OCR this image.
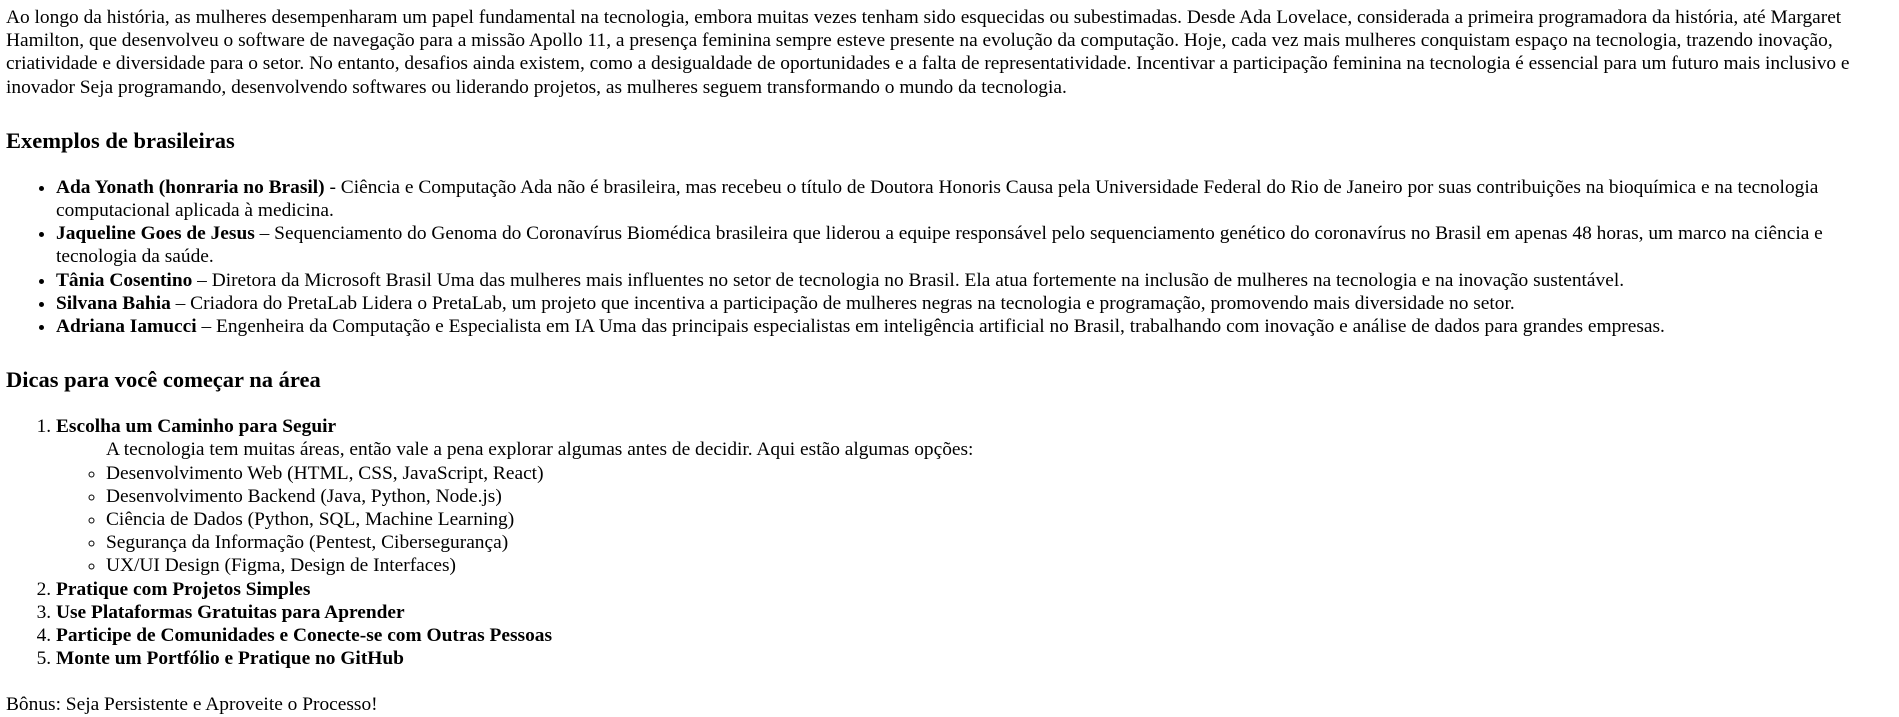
Ao longo da história, as mulheres desempenharam um papel fundamental na tecnologia, embora muitas vezes tenham sido esquecidas ou subestimadas. Desde Ada Lovelace, considerada a primeira programadora da história, até Margaret Hamilton, que desenvolveu o software de navegação para a missão Apollo 11, a presença feminina sempre esteve presente na evolução da computação. Hoje, cada vez mais mulheres conquistam espaço na tecnologia, trazendo inovação, criatividade e diversidade para o setor. No entanto, desafios ainda existem, como a desigualdade de oportunidades e a falta de representatividade. Incentivar a participação feminina na tecnologia é essencial para um futuro mais inclusivo e inovador Seja programando, desenvolvendo softwares ou liderando projetos, as mulheres seguem transformando o mundo da tecnologia.

Exemplos de brasileiras
• Ada Yonath (honraria no Brasil) - Ciência e Computação Ada não é brasileira, mas recebeu o título de Doutora Honoris Causa pela Universidade Federal do Rio de Janeiro por suas contribuições na bioquímica e na tecnologia computacional aplicada à medicina.
• Jaqueline Goes de Jesus – Sequenciamento do Genoma do Coronavírus Biomédica brasileira que liderou a equipe responsável pelo sequenciamento genético do coronavírus no Brasil em apenas 48 horas, um marco na ciência e tecnologia da saúde.
• Tânia Cosentino – Diretora da Microsoft Brasil Uma das mulheres mais influentes no setor de tecnologia no Brasil. Ela atua fortemente na inclusão de mulheres na tecnologia e na inovação sustentável.
• Silvana Bahia – Criadora do PretaLab Lidera o PretaLab, um projeto que incentiva a participação de mulheres negras na tecnologia e programação, promovendo mais diversidade no setor.
• Adriana Iamucci – Engenheira da Computação e Especialista em IA Uma das principais especialistas em inteligência artificial no Brasil, trabalhando com inovação e análise de dados para grandes empresas.
Dicas para você começar na área
1. Escolha um Caminho para Seguir
A tecnologia tem muitas áreas, então vale a pena explorar algumas antes de decidir. Aqui estão algumas opções:
◦ Desenvolvimento Web (HTML, CSS, JavaScript, React)
◦ Desenvolvimento Backend (Java, Python, Node.js)
◦ Ciência de Dados (Python, SQL, Machine Learning)
◦ Segurança da Informação (Pentest, Cibersegurança)
◦ UX/UI Design (Figma, Design de Interfaces)
2. Pratique com Projetos Simples
3. Use Plataformas Gratuitas para Aprender
4. Participe de Comunidades e Conecte-se com Outras Pessoas
5. Monte um Portfólio e Pratique no GitHub

Bônus: Seja Persistente e Aproveite o Processo!
